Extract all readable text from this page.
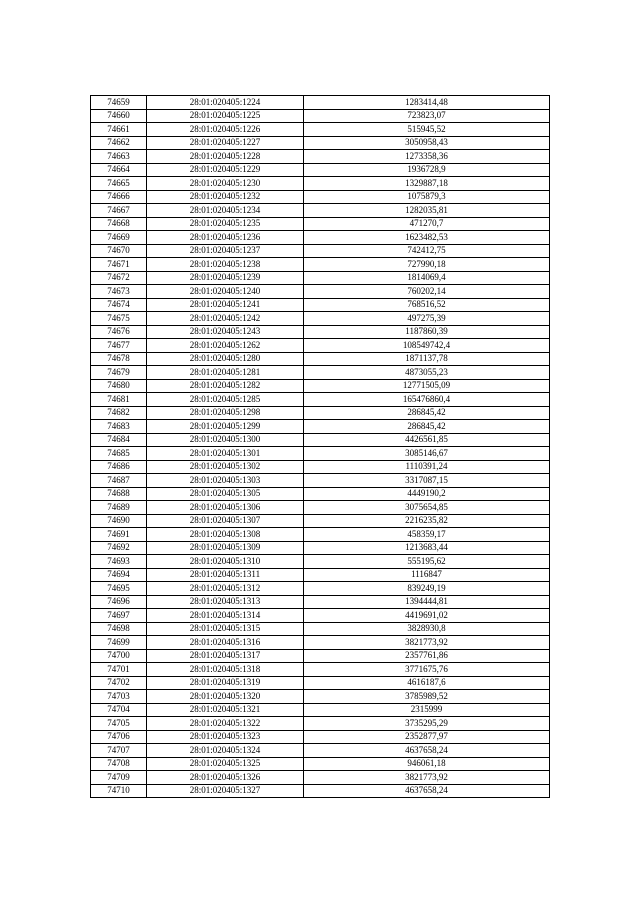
74659	28:01:020405:1224	1283414,48
74660	28:01:020405:1225	723823,07
74661	28:01:020405:1226	515945,52
74662	28:01:020405:1227	3050958,43
74663	28:01:020405:1228	1273358,36
74664	28:01:020405:1229	1936728,9
74665	28:01:020405:1230	1329887,18
74666	28:01:020405:1232	1075879,3
74667	28:01:020405:1234	1282035,81
74668	28:01:020405:1235	471270,7
74669	28:01:020405:1236	1623482,53
74670	28:01:020405:1237	742412,75
74671	28:01:020405:1238	727990,18
74672	28:01:020405:1239	1814069,4
74673	28:01:020405:1240	760202,14
74674	28:01:020405:1241	768516,52
74675	28:01:020405:1242	497275,39
74676	28:01:020405:1243	1187860,39
74677	28:01:020405:1262	108549742,4
74678	28:01:020405:1280	1871137,78
74679	28:01:020405:1281	4873055,23
74680	28:01:020405:1282	12771505,09
74681	28:01:020405:1285	165476860,4
74682	28:01:020405:1298	286845,42
74683	28:01:020405:1299	286845,42
74684	28:01:020405:1300	4426561,85
74685	28:01:020405:1301	3085146,67
74686	28:01:020405:1302	1110391,24
74687	28:01:020405:1303	3317087,15
74688	28:01:020405:1305	4449190,2
74689	28:01:020405:1306	3075654,85
74690	28:01:020405:1307	2216235,82
74691	28:01:020405:1308	458359,17
74692	28:01:020405:1309	1213683,44
74693	28:01:020405:1310	555195,62
74694	28:01:020405:1311	1116847
74695	28:01:020405:1312	839249,19
74696	28:01:020405:1313	1394444,81
74697	28:01:020405:1314	4419691,02
74698	28:01:020405:1315	3828930,8
74699	28:01:020405:1316	3821773,92
74700	28:01:020405:1317	2357761,86
74701	28:01:020405:1318	3771675,76
74702	28:01:020405:1319	4616187,6
74703	28:01:020405:1320	3785989,52
74704	28:01:020405:1321	2315999
74705	28:01:020405:1322	3735295,29
74706	28:01:020405:1323	2352877,97
74707	28:01:020405:1324	4637658,24
74708	28:01:020405:1325	946061,18
74709	28:01:020405:1326	3821773,92
74710	28:01:020405:1327	4637658,24
